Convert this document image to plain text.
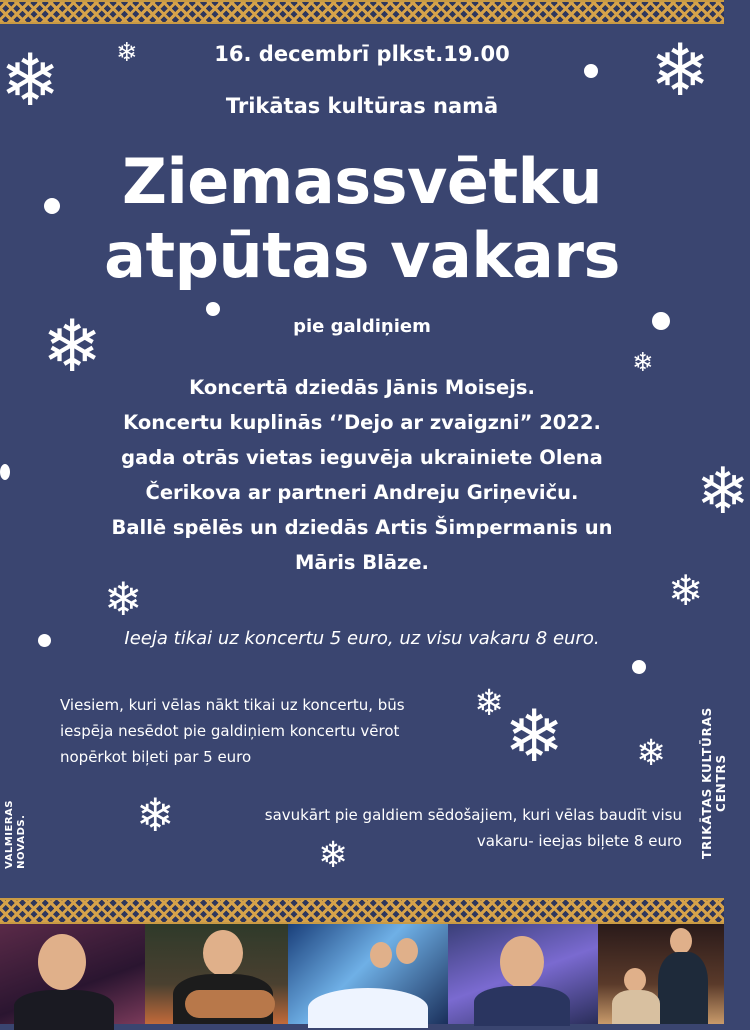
❄ ❄	❄
❄	❄
❄
❄	❄
❄ ❄ ❄
❄
❄
16. decembrī plkst.19.00
Trikātas kultūras namā
Ziemassvētku
atpūtas vakars
pie galdiņiem
Koncertā dziedās Jānis Moisejs.
Koncertu kuplinās ‘’Dejo ar zvaigzni” 2022.
gada otrās vietas ieguvēja ukrainiete Olena
Čerikova ar partneri Andreju Griņeviču.
Ballē spēlēs un dziedās Artis Šimpermanis un
Māris Blāze.
Ieeja tikai uz koncertu 5 euro, uz visu vakaru 8 euro.
Viesiem, kuri vēlas nākt tikai uz koncertu, būs
iespēja nesēdot pie galdiņiem koncertu vērot
nopērkot biļeti par 5 euro
savukārt pie galdiem sēdošajiem, kuri vēlas baudīt visu
vakaru- ieejas biļete 8 euro
VALMIERAS NOVADS.	TRIKĀTAS KULTŪRAS CENTRS
